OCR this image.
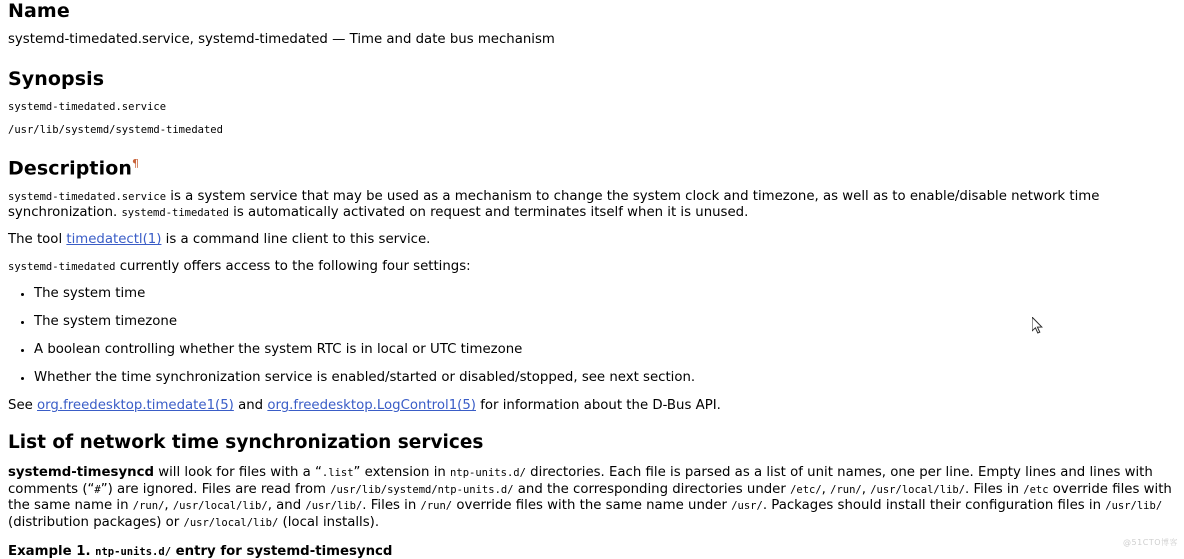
Name

systemd-timedated.service, systemd-timedated — Time and date bus mechanism

Synopsis

systemd-timedated.service

/usr/lib/systemd/systemd-timedated

Description¶

systemd-timedated.service is a system service that may be used as a mechanism to change the system clock and timezone, as well as to enable/disable network time synchronization. systemd-timedated is automatically activated on request and terminates itself when it is unused.

The tool timedatectl(1) is a command line client to this service.

systemd-timedated currently offers access to the following four settings:

• The system time
• The system timezone
• A boolean controlling whether the system RTC is in local or UTC timezone
• Whether the time synchronization service is enabled/started or disabled/stopped, see next section.

See org.freedesktop.timedate1(5) and org.freedesktop.LogControl1(5) for information about the D-Bus API.

List of network time synchronization services

systemd-timesyncd will look for files with a “.list” extension in ntp-units.d/ directories. Each file is parsed as a list of unit names, one per line. Empty lines and lines with comments (“#”) are ignored. Files are read from /usr/lib/systemd/ntp-units.d/ and the corresponding directories under /etc/, /run/, /usr/local/lib/. Files in /etc override files with the same name in /run/, /usr/local/lib/, and /usr/lib/. Files in /run/ override files with the same name under /usr/. Packages should install their configuration files in /usr/lib/ (distribution packages) or /usr/local/lib/ (local installs).

Example 1. ntp-units.d/ entry for systemd-timesyncd

@51CTO博客
